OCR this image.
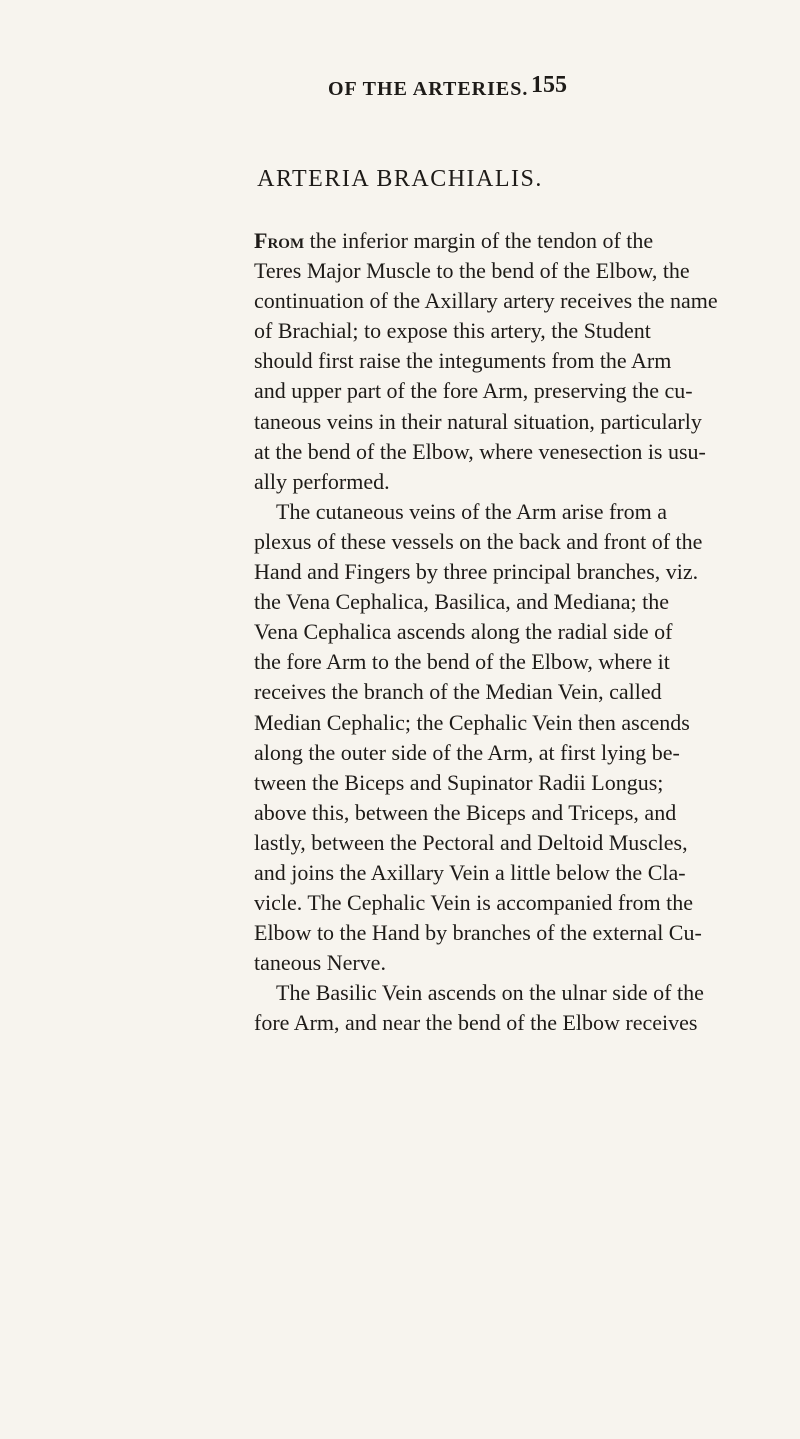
OF THE ARTERIES. 155
ARTERIA BRACHIALIS.
From the inferior margin of the tendon of the
Teres Major Muscle to the bend of the Elbow, the
continuation of the Axillary artery receives the name
of Brachial; to expose this artery, the Student
should first raise the integuments from the Arm
and upper part of the fore Arm, preserving the cu-
taneous veins in their natural situation, particularly
at the bend of the Elbow, where venesection is usu-
ally performed.
The cutaneous veins of the Arm arise from a
plexus of these vessels on the back and front of the
Hand and Fingers by three principal branches, viz.
the Vena Cephalica, Basilica, and Mediana; the
Vena Cephalica ascends along the radial side of
the fore Arm to the bend of the Elbow, where it
receives the branch of the Median Vein, called
Median Cephalic; the Cephalic Vein then ascends
along the outer side of the Arm, at first lying be-
tween the Biceps and Supinator Radii Longus;
above this, between the Biceps and Triceps, and
lastly, between the Pectoral and Deltoid Muscles,
and joins the Axillary Vein a little below the Cla-
vicle. The Cephalic Vein is accompanied from the
Elbow to the Hand by branches of the external Cu-
taneous Nerve.
The Basilic Vein ascends on the ulnar side of the
fore Arm, and near the bend of the Elbow receives
